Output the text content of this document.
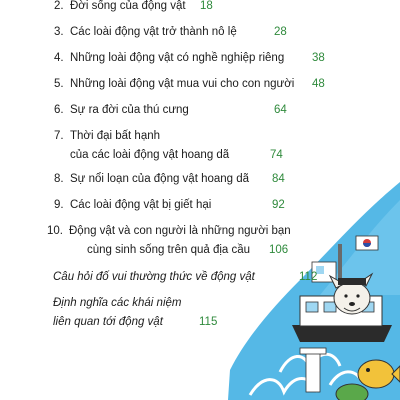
2. Đời sống của động vật 18
3. Các loài động vật trở thành nô lệ	28
4. Những loài động vật có nghề nghiệp riêng 38
5. Những loài động vật mua vui cho con người 48
6. Sự ra đời của thú cưng	64
7. Thời đại bất hạnh
của các loài động vật hoang dã	74
8. Sự nổi loạn của động vật hoang dã 84
9. Các loài động vật bị giết hại	92
10. Động vật và con người là những người bạn
cùng sinh sống trên quả địa cầu 106
Câu hỏi đố vui thường thức về động vật	112
Định nghĩa các khái niệm
liên quan tới động vật	115
